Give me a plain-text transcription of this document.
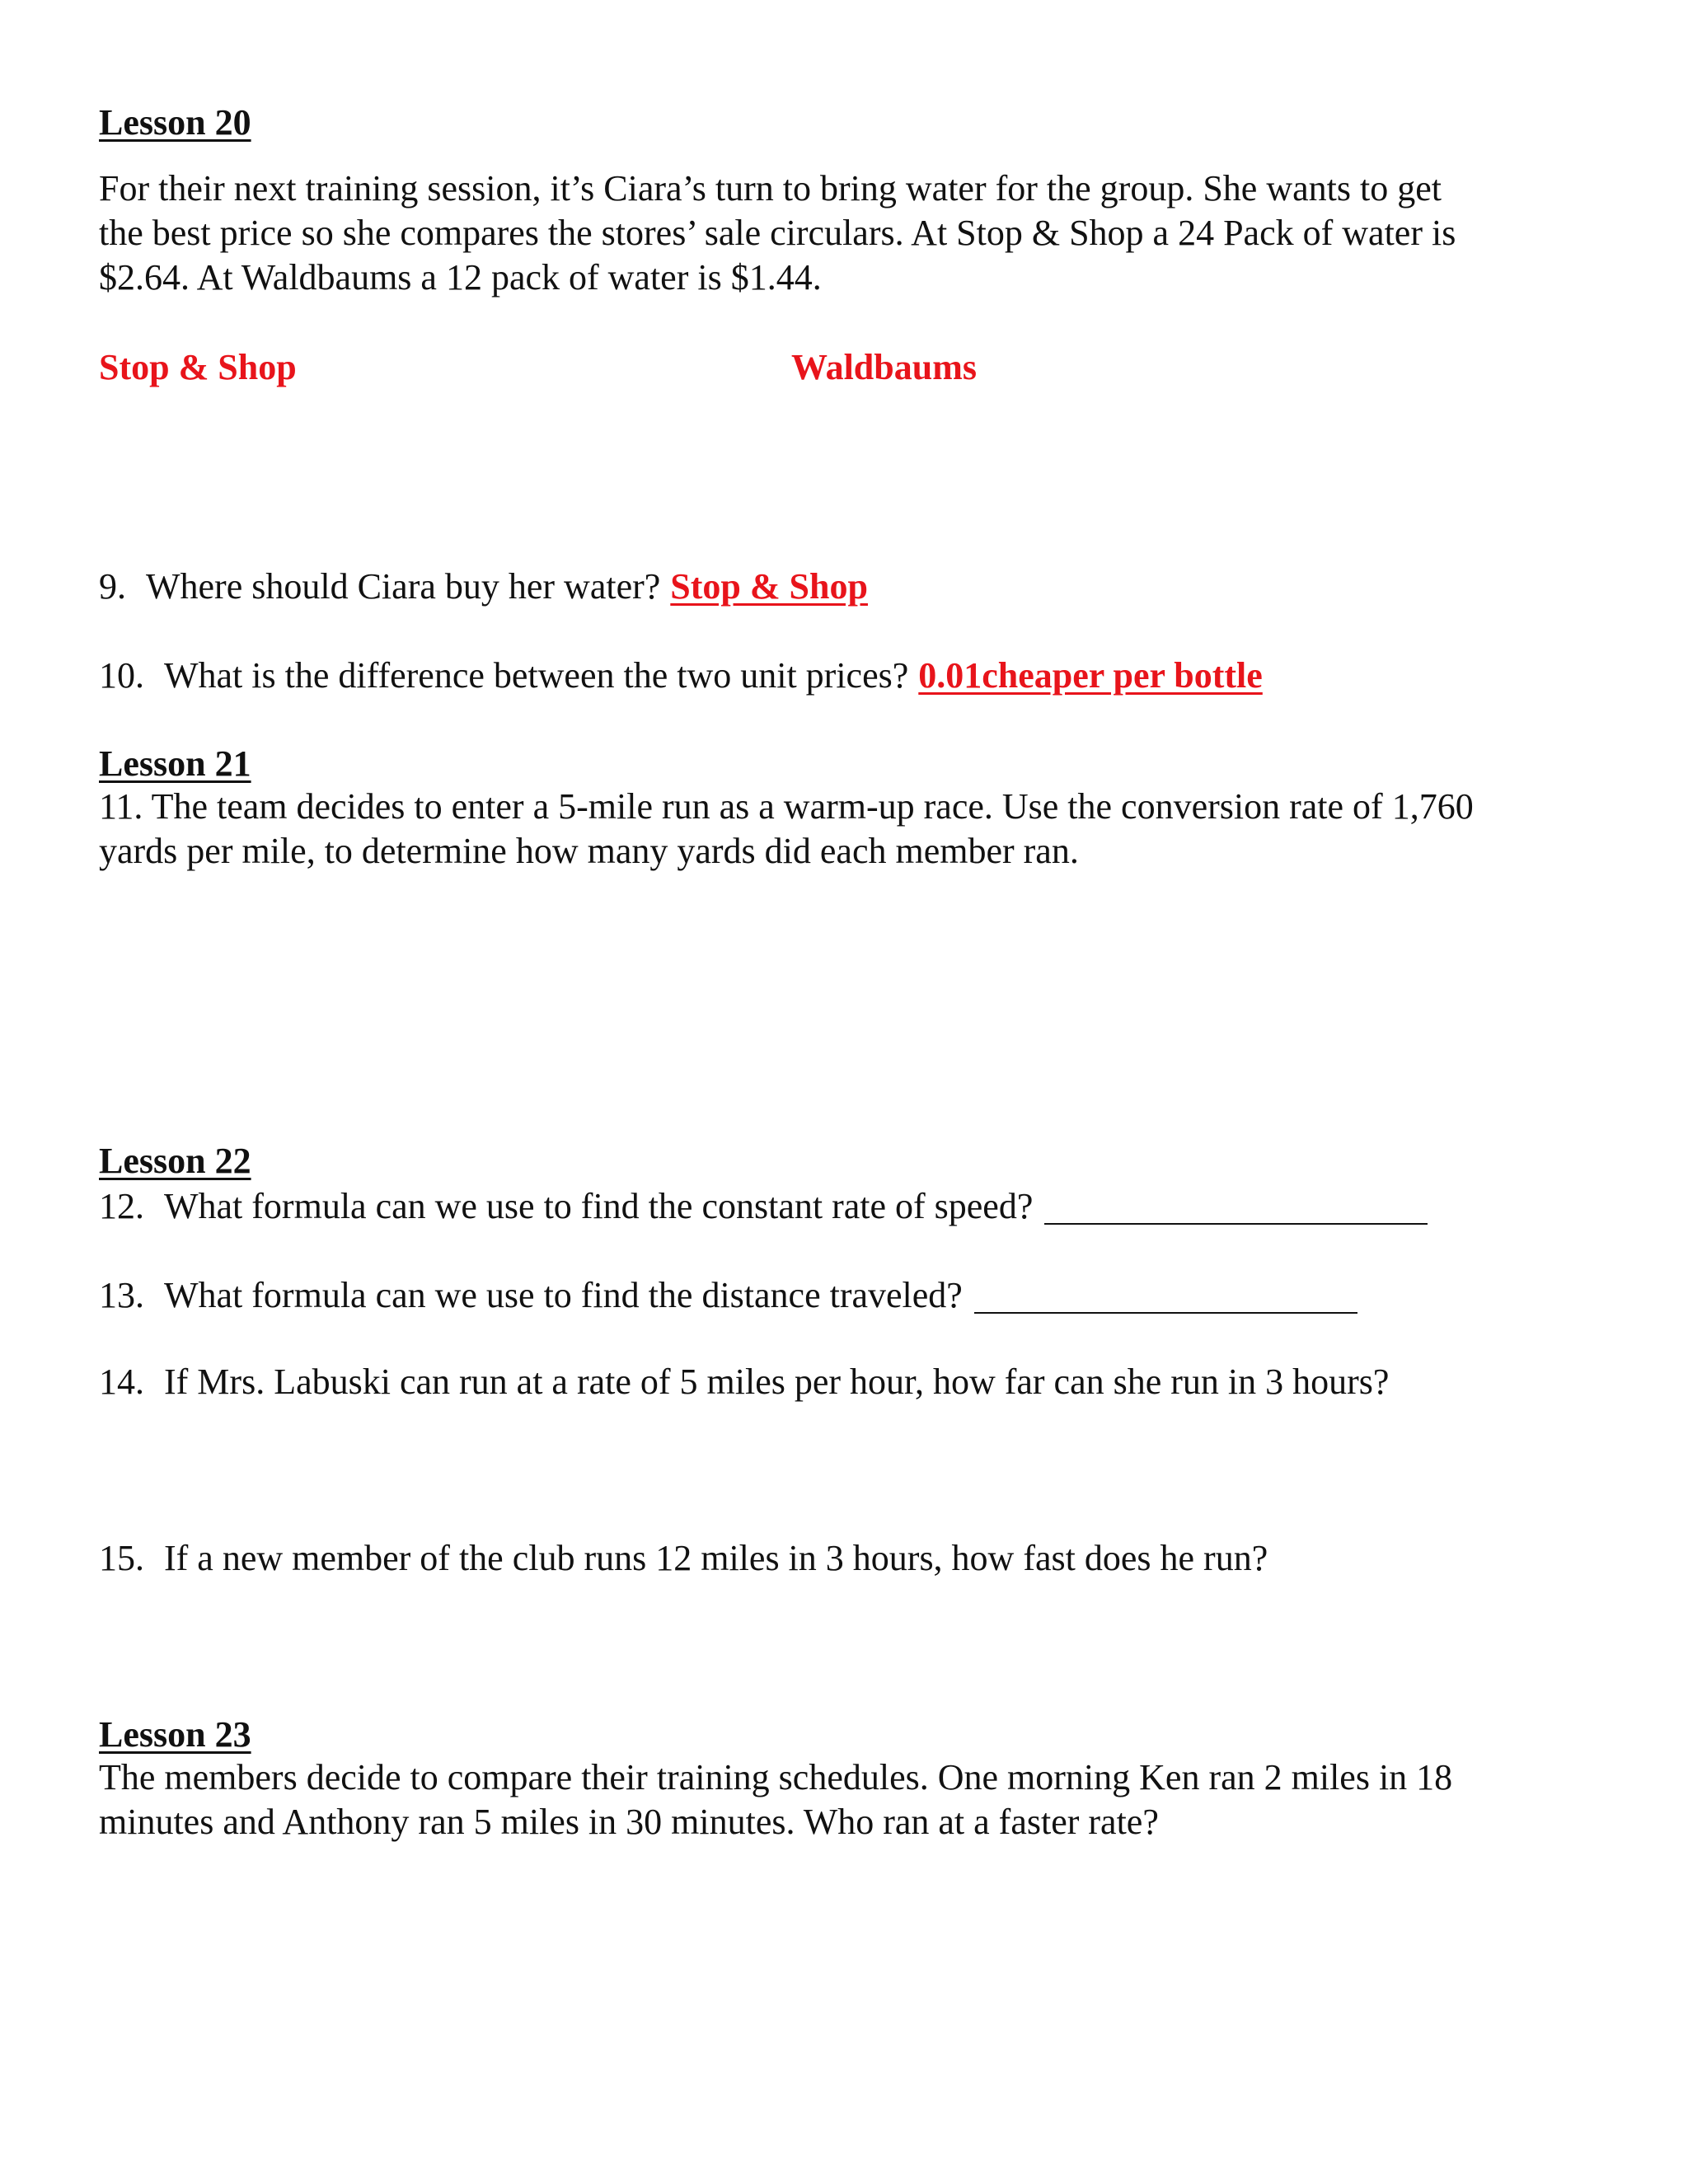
Lesson 20
For their next training session, it’s Ciara’s turn to bring water for the group. She wants to get
the best price so she compares the stores’ sale circulars. At Stop & Shop a 24 Pack of water is
$2.64. At Waldbaums a 12 pack of water is $1.44.
Stop & Shop	Waldbaums
9. Where should Ciara buy her water? Stop & Shop
10. What is the difference between the two unit prices? 0.01cheaper per bottle
Lesson 21
11. The team decides to enter a 5-mile run as a warm-up race. Use the conversion rate of 1,760
yards per mile, to determine how many yards did each member ran.
Lesson 22
12. What formula can we use to find the constant rate of speed?
13. What formula can we use to find the distance traveled?
14. If Mrs. Labuski can run at a rate of 5 miles per hour, how far can she run in 3 hours?
15. If a new member of the club runs 12 miles in 3 hours, how fast does he run?
Lesson 23
The members decide to compare their training schedules. One morning Ken ran 2 miles in 18
minutes and Anthony ran 5 miles in 30 minutes. Who ran at a faster rate?
